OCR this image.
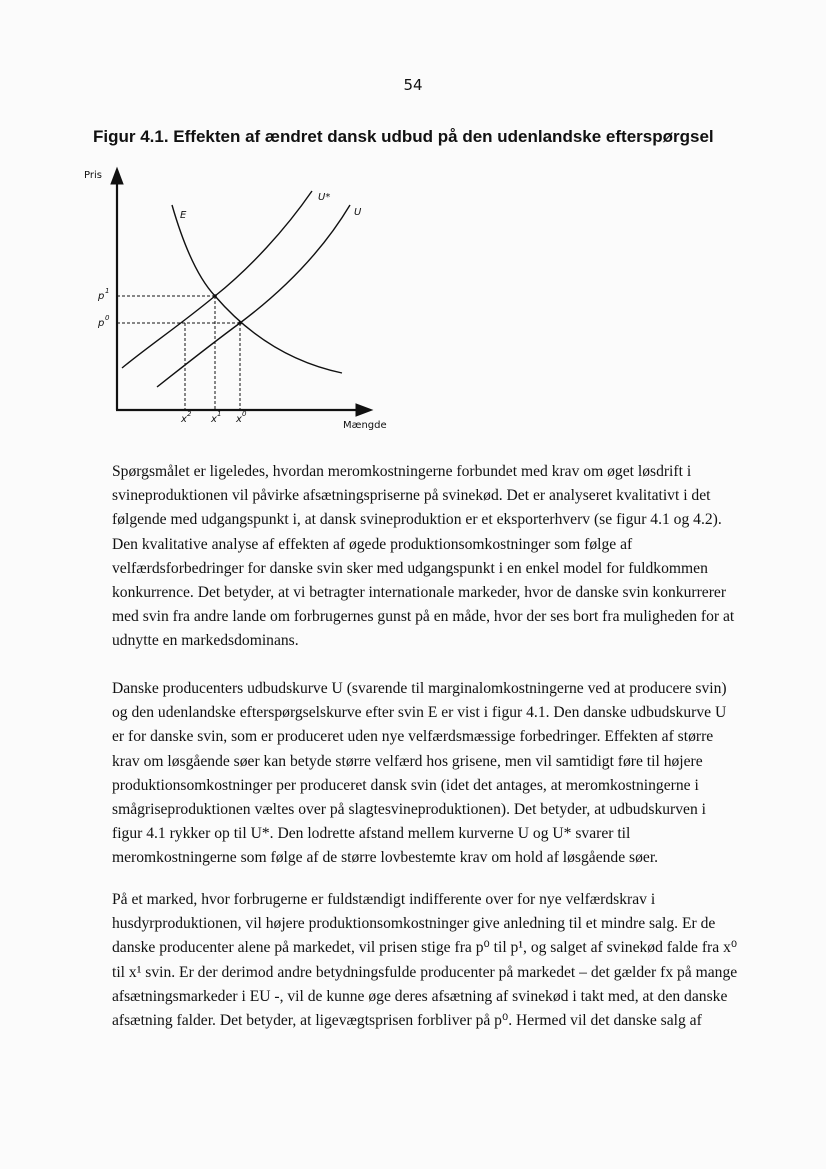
54
Figur 4.1. Effekten af ændret dansk udbud på den udenlandske efterspørgsel
Pris
Mængde
E
U*
U
p 1
p 0
x 2 x 1 x 0
Spørgsmålet er ligeledes, hvordan meromkostningerne forbundet med krav om øget løsdrift i
svineproduktionen vil påvirke afsætningspriserne på svinekød. Det er analyseret kvalitativt i det
følgende med udgangspunkt i, at dansk svineproduktion er et eksporterhverv (se figur 4.1 og 4.2).
Den kvalitative analyse af effekten af øgede produktionsomkostninger som følge af
velfærdsforbedringer for danske svin sker med udgangspunkt i en enkel model for fuldkommen
konkurrence. Det betyder, at vi betragter internationale markeder, hvor de danske svin konkurrerer
med svin fra andre lande om forbrugernes gunst på en måde, hvor der ses bort fra muligheden for at
udnytte en markedsdominans.
Danske producenters udbudskurve U (svarende til marginalomkostningerne ved at producere svin)
og den udenlandske efterspørgselskurve efter svin E er vist i figur 4.1. Den danske udbudskurve U
er for danske svin, som er produceret uden nye velfærdsmæssige forbedringer. Effekten af større
krav om løsgående søer kan betyde større velfærd hos grisene, men vil samtidigt føre til højere
produktionsomkostninger per produceret dansk svin (idet det antages, at meromkostningerne i
smågriseproduktionen væltes over på slagtesvineproduktionen). Det betyder, at udbudskurven i
figur 4.1 rykker op til U*. Den lodrette afstand mellem kurverne U og U* svarer til
meromkostningerne som følge af de større lovbestemte krav om hold af løsgående søer.
På et marked, hvor forbrugerne er fuldstændigt indifferente over for nye velfærdskrav i
husdyrproduktionen, vil højere produktionsomkostninger give anledning til et mindre salg. Er de
danske producenter alene på markedet, vil prisen stige fra p⁰ til p¹, og salget af svinekød falde fra x⁰
til x¹ svin. Er der derimod andre betydningsfulde producenter på markedet – det gælder fx på mange
afsætningsmarkeder i EU -, vil de kunne øge deres afsætning af svinekød i takt med, at den danske
afsætning falder. Det betyder, at ligevægtsprisen forbliver på p⁰. Hermed vil det danske salg af
